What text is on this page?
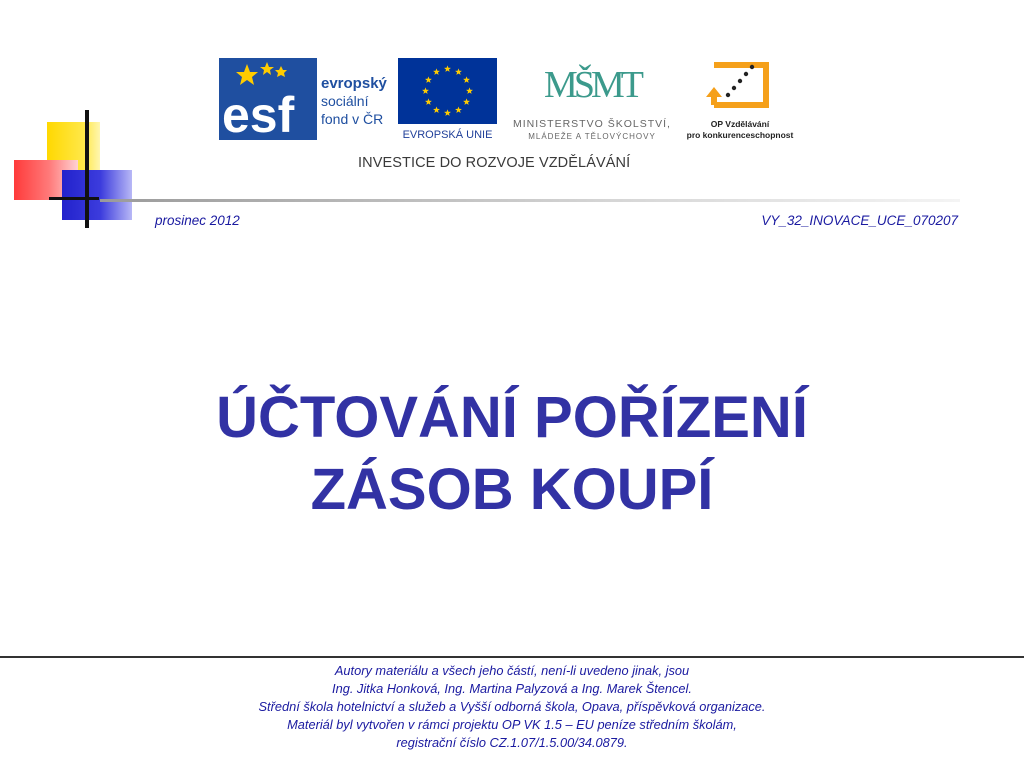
esf
evropský
sociální
fond v ČR
EVROPSKÁ UNIE
MŠMT
MINISTERSTVO ŠKOLSTVÍ,
MLÁDEŽE A TĚLOVÝCHOVY
OP Vzdělávání
pro konkurenceschopnost
INVESTICE DO ROZVOJE VZDĚLÁVÁNÍ
prosinec 2012	VY_32_INOVACE_UCE_070207
ÚČTOVÁNÍ POŘÍZENÍ
ZÁSOB KOUPÍ
Autory materiálu a všech jeho částí, není-li uvedeno jinak, jsou
Ing. Jitka Honková, Ing. Martina Palyzová a Ing. Marek Štencel.
Střední škola hotelnictví a služeb a Vyšší odborná škola, Opava, příspěvková organizace.
Materiál byl vytvořen v rámci projektu OP VK 1.5 – EU peníze středním školám,
registrační číslo CZ.1.07/1.5.00/34.0879.
